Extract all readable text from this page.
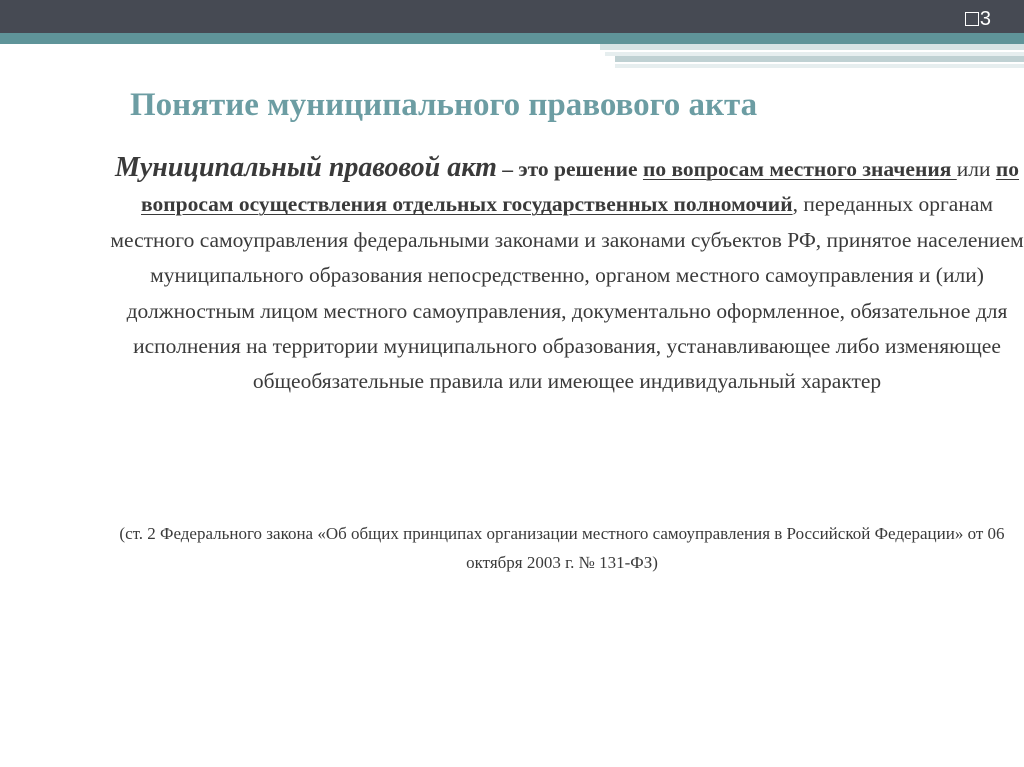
3
Понятие муниципального правового акта

Муниципальный правовой акт – это решение по вопросам местного значения или по вопросам осуществления отдельных государственных полномочий, переданных органам местного самоуправления федеральными законами и законами субъектов РФ, принятое населением муниципального образования непосредственно, органом местного самоуправления и (или) должностным лицом местного самоуправления, документально оформленное, обязательное для исполнения на территории муниципального образования, устанавливающее либо изменяющее общеобязательные правила или имеющее индивидуальный характер

(ст. 2 Федерального закона «Об общих принципах организации местного самоуправления в Российской Федерации» от 06 октября 2003 г. № 131-ФЗ)
